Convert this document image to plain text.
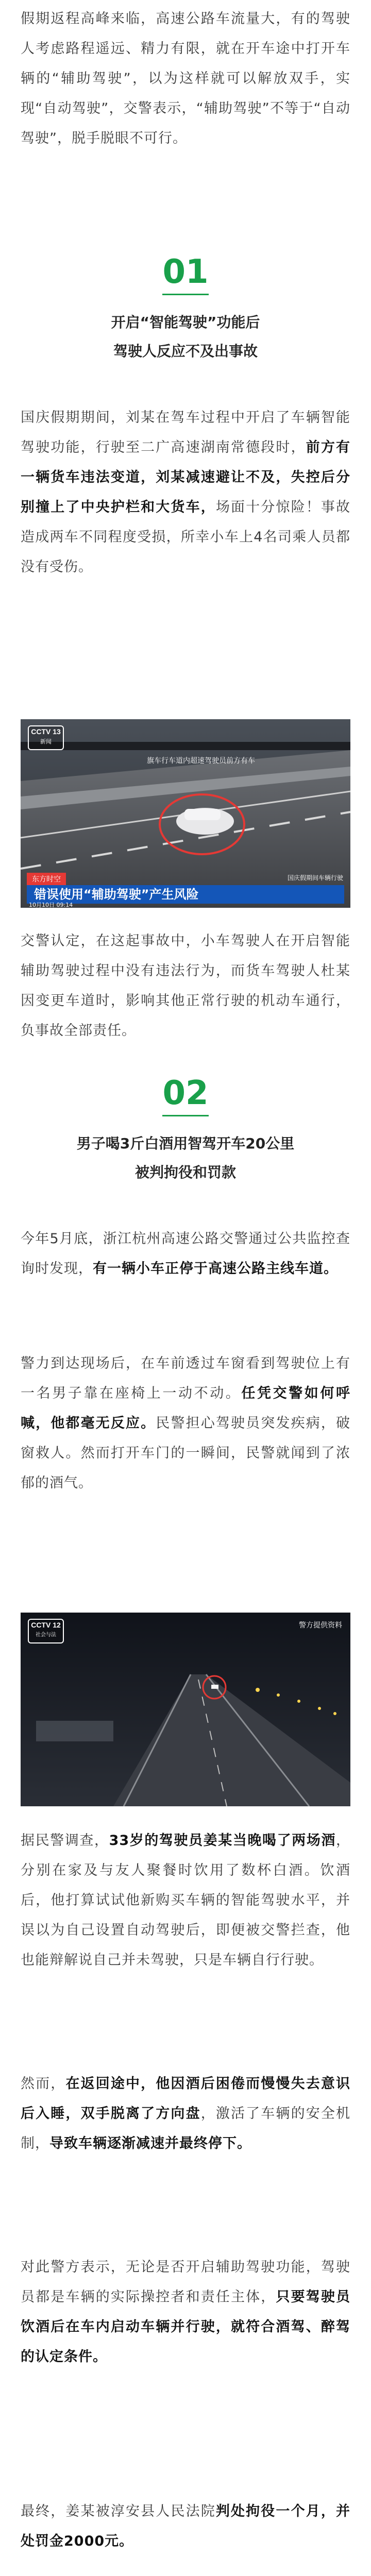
假期返程高峰来临，高速公路车流量大，有的驾驶人考虑路程遥远、精力有限，就在开车途中打开车辆的“辅助驾驶”，以为这样就可以解放双手，实现“自动驾驶”，交警表示，“辅助驾驶”不等于“自动驾驶”，脱手脱眼不可行。

01
开启“智能驾驶”功能后
驾驶人反应不及出事故

国庆假期期间，刘某在驾车过程中开启了车辆智能驾驶功能，行驶至二广高速湖南常德段时，前方有一辆货车违法变道，刘某减速避让不及，失控后分别撞上了中央护栏和大货车，场面十分惊险！事故造成两车不同程度受损，所幸小车上4名司乘人员都没有受伤。

CCTV 13
新闻
旗车行车道内超速驾驶员前方有车
东方时空
错误使用“辅助驾驶”产生风险
10月10日 09:14
国庆假期间车辆行驶

交警认定，在这起事故中，小车驾驶人在开启智能辅助驾驶过程中没有违法行为，而货车驾驶人杜某因变更车道时，影响其他正常行驶的机动车通行，负事故全部责任。

02
男子喝3斤白酒用智驾开车20公里
被判拘役和罚款

今年5月底，浙江杭州高速公路交警通过公共监控查询时发现，有一辆小车正停于高速公路主线车道。

警力到达现场后，在车前透过车窗看到驾驶位上有一名男子靠在座椅上一动不动。任凭交警如何呼喊，他都毫无反应。民警担心驾驶员突发疾病，破窗救人。然而打开车门的一瞬间，民警就闻到了浓郁的酒气。

CCTV 12
社会与法
警方提供资料

据民警调查，33岁的驾驶员姜某当晚喝了两场酒，分别在家及与友人聚餐时饮用了数杯白酒。饮酒后，他打算试试他新购买车辆的智能驾驶水平，并误以为自己设置自动驾驶后，即便被交警拦查，他也能辩解说自己并未驾驶，只是车辆自行行驶。

然而，在返回途中，他因酒后困倦而慢慢失去意识后入睡，双手脱离了方向盘，激活了车辆的安全机制，导致车辆逐渐减速并最终停下。

对此警方表示，无论是否开启辅助驾驶功能，驾驶员都是车辆的实际操控者和责任主体，只要驾驶员饮酒后在车内启动车辆并行驶，就符合酒驾、醉驾的认定条件。

最终，姜某被淳安县人民法院判处拘役一个月，并处罚金2000元。
